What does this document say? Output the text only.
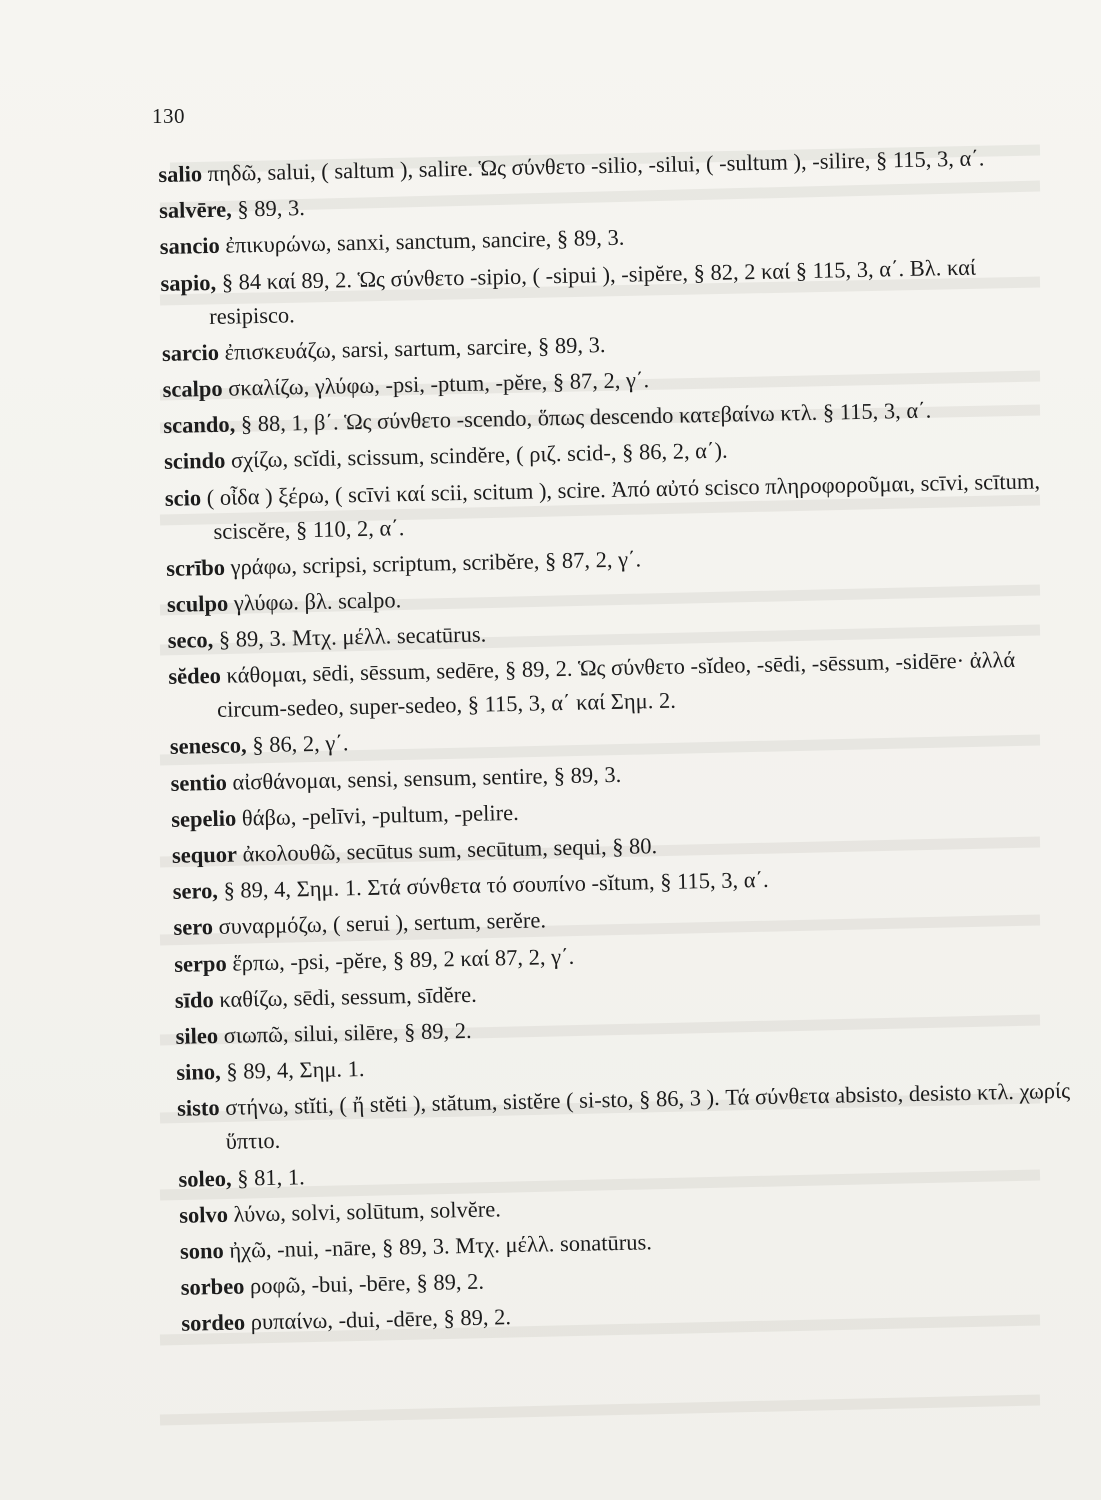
130

salio πηδῶ, salui, ( saltum ), salire. Ὡς σύνθετο -silio, -silui, ( -sultum ), -silire, § 115, 3, α΄.

salvēre, § 89, 3.

sancio ἐπικυρώνω, sanxi, sanctum, sancire, § 89, 3.

sapio, § 84 καί 89, 2. Ὡς σύνθετο -sipio, ( -sipui ), -sipĕre, § 82, 2 καί § 115, 3, α΄. Βλ. καί resipisco.

sarcio ἐπισκευάζω, sarsi, sartum, sarcire, § 89, 3.

scalpo σκαλίζω, γλύφω, -psi, -ptum, -pĕre, § 87, 2, γ΄.

scando, § 88, 1, β΄. Ὡς σύνθετο -scendo, ὅπως descendo κατεβαίνω κτλ. § 115, 3, α΄.

scindo σχίζω, scĭdi, scissum, scindĕre, ( ριζ. scid-, § 86, 2, α΄).

scio ( οἶδα ) ξέρω, ( scīvi καί scii, scitum ), scire. Ἀπό αὐτό scisco πληροφοροῦμαι, scīvi, scītum, sciscĕre, § 110, 2, α΄.

scrībo γράφω, scripsi, scriptum, scribĕre, § 87, 2, γ΄.

sculpo γλύφω. βλ. scalpo.

seco, § 89, 3. Μτχ. μέλλ. secatūrus.

sĕdeo κάθομαι, sēdi, sēssum, sedēre, § 89, 2. Ὡς σύνθετο -sĭdeo, -sēdi, -sēssum, -sidēre· ἀλλά circum-sedeo, super-sedeo, § 115, 3, α΄ καί Σημ. 2.

senesco, § 86, 2, γ΄.

sentio αἰσθάνομαι, sensi, sensum, sentire, § 89, 3.

sepelio θάβω, -pelīvi, -pultum, -pelire.

sequor ἀκολουθῶ, secūtus sum, secūtum, sequi, § 80.

sero, § 89, 4, Σημ. 1. Στά σύνθετα τό σουπίνο -sĭtum, § 115, 3, α΄.

sero συναρμόζω, ( serui ), sertum, serĕre.

serpo ἕρπω, -psi, -pĕre, § 89, 2 καί 87, 2, γ΄.

sīdo καθίζω, sēdi, sessum, sīdĕre.

sileo σιωπῶ, silui, silēre, § 89, 2.

sino, § 89, 4, Σημ. 1.

sisto στήνω, stĭti, ( ἤ stĕti ), stătum, sistĕre ( si-sto, § 86, 3 ). Τά σύνθετα absisto, desisto κτλ. χωρίς ὕπτιο.

soleo, § 81, 1.

solvo λύνω, solvi, solūtum, solvĕre.

sono ἠχῶ, -nui, -nāre, § 89, 3. Μτχ. μέλλ. sonatūrus.

sorbeo ροφῶ, -bui, -bēre, § 89, 2.

sordeo ρυπαίνω, -dui, -dēre, § 89, 2.
